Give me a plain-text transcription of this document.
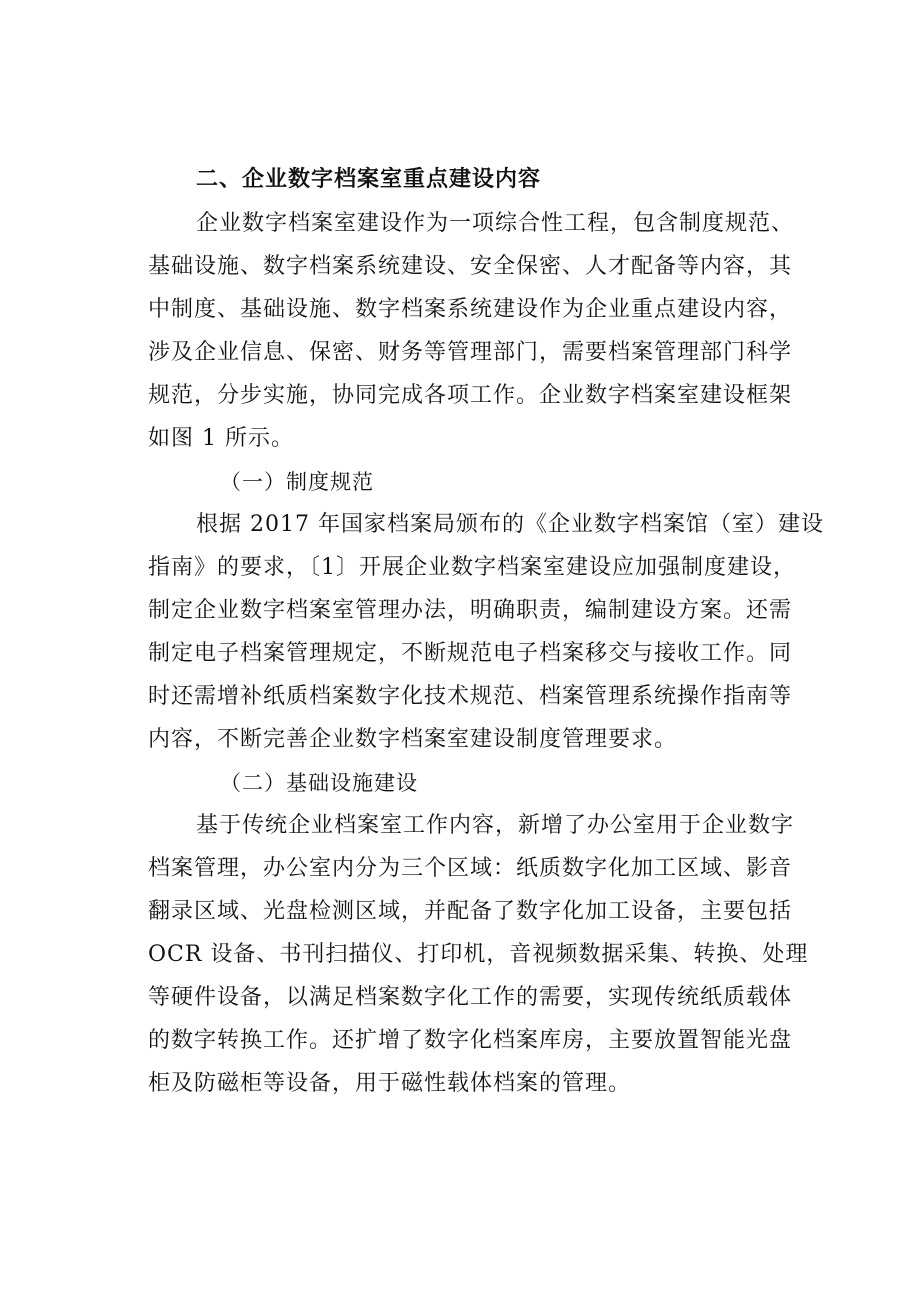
二、企业数字档案室重点建设内容

企业数字档案室建设作为一项综合性工程，包含制度规范、

基础设施、数字档案系统建设、安全保密、人才配备等内容，其

中制度、基础设施、数字档案系统建设作为企业重点建设内容，

涉及企业信息、保密、财务等管理部门，需要档案管理部门科学

规范，分步实施，协同完成各项工作。企业数字档案室建设框架

如图 1 所示。

（一）制度规范

根据 2017 年国家档案局颁布的《企业数字档案馆（室）建设

指南》的要求，〔1〕开展企业数字档案室建设应加强制度建设，

制定企业数字档案室管理办法，明确职责，编制建设方案。还需

制定电子档案管理规定，不断规范电子档案移交与接收工作。同

时还需增补纸质档案数字化技术规范、档案管理系统操作指南等

内容，不断完善企业数字档案室建设制度管理要求。

（二）基础设施建设

基于传统企业档案室工作内容，新增了办公室用于企业数字

档案管理，办公室内分为三个区域：纸质数字化加工区域、影音

翻录区域、光盘检测区域，并配备了数字化加工设备，主要包括

OCR 设备、书刊扫描仪、打印机，音视频数据采集、转换、处理

等硬件设备，以满足档案数字化工作的需要，实现传统纸质载体

的数字转换工作。还扩增了数字化档案库房，主要放置智能光盘

柜及防磁柜等设备，用于磁性载体档案的管理。
